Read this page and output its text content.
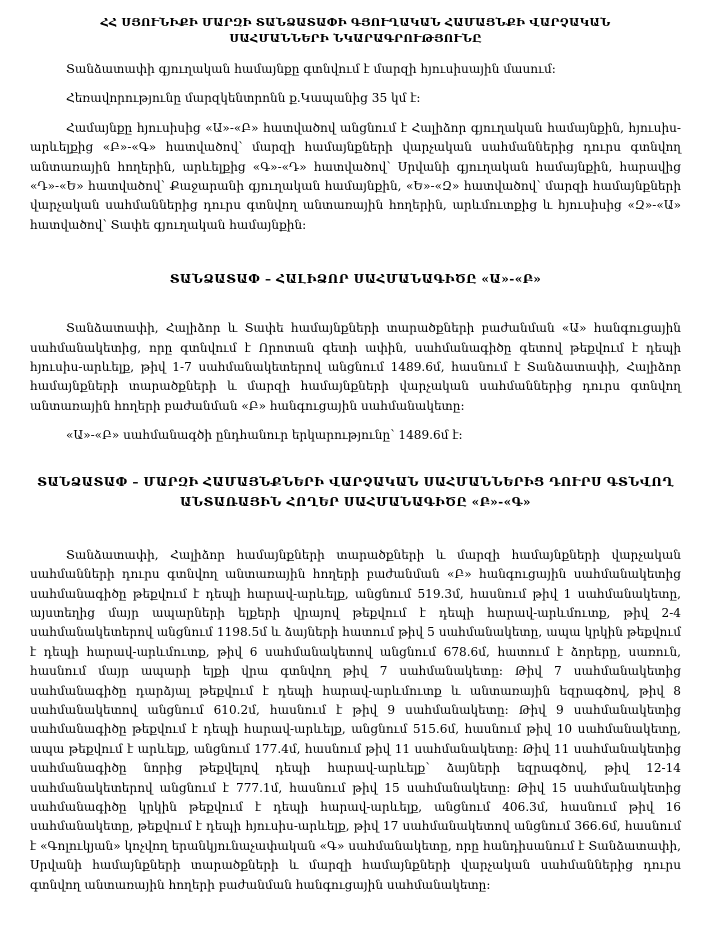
ՀՀ ՍՅՈՒՆԻՔԻ ՄԱՐԶԻ ՏԱՆՁԱՏԱՓԻ ԳՅՈՒՂԱԿԱՆ ՀԱՄԱՅՆՔԻ ՎԱՐՉԱԿԱՆ
ՍԱՀՄԱՆՆԵՐԻ ՆԿԱՐԱԳՐՈՒԹՅՈՒՆԸ

Տանձատափի գյուղական համայնքը գտնվում է մարզի հյուսիսային մասում:

Հեռավորությունը մարզկենտրոնն ք.Կապանից 35 կմ է:

Համայնքը հյուսիսից «Ա»-«Բ» հատվածով անցնում է Հալիձոր գյուղական համայնքին, հյուսիս-արևելքից «Բ»-«Գ» հատվածով՝ մարզի համայնքների վարչական սահմաններից դուրս գտնվող անտառային հողերին, արևելքից «Գ»-«Դ» հատվածով՝ Սրվանի գյուղական համայնքին, հարավից «Դ»-«Ե» հատվածով՝ Քաջարանի գյուղական համայնքին, «Ե»-«Զ» հատվածով՝ մարզի համայնքների վարչական սահմաններից դուրս գտնվող անտառային հողերին, արևմուտքից և հյուսիսից «Զ»-«Ա» հատվածով՝ Տափե գյուղական համայնքին:

ՏԱՆՁԱՏԱՓ – ՀԱԼԻՁՈՐ ՍԱՀՄԱՆԱԳԻԾԸ «Ա»-«Բ»

Տանձատափի, Հալիձոր և Տափե համայնքների տարածքների բաժանման «Ա» հանգուցային սահմանակետից, որը գտնվում է Որոտան գետի ափին, սահմանագիծը գետով թեքվում է դեպի հյուսիս-արևելք, թիվ 1-7 սահմանակետերով անցնում 1489.6մ, հասնում է Տանձատափի, Հալիձոր համայնքների տարածքների և մարզի համայնքների վարչական սահմաններից դուրս գտնվող անտառային հողերի բաժանման «Բ» հանգուցային սահմանակետը:

«Ա»-«Բ» սահմանագծի ընդհանուր երկարությունը՝ 1489.6մ է:

ՏԱՆՁԱՏԱՓ – ՄԱՐԶԻ ՀԱՄԱՅՆՔՆԵՐԻ ՎԱՐՉԱԿԱՆ ՍԱՀՄԱՆՆԵՐԻՑ ԴՈՒՐՍ ԳՏՆՎՈՂ
ԱՆՏԱՌԱՅԻՆ ՀՈՂԵՐ ՍԱՀՄԱՆԱԳԻԾԸ «Բ»-«Գ»

Տանձատափի, Հալիձոր համայնքների տարածքների և մարզի համայնքների վարչական սահմանների դուրս գտնվող անտառային հողերի բաժանման «Բ» հանգուցային սահմանակետից սահմանագիծը թեքվում է դեպի հարավ-արևելք, անցնում 519.3մ, հասնում թիվ 1 սահմանակետը, այստեղից մայր ապարների ելքերի վրայով թեքվում է դեպի հարավ-արևմուտք, թիվ 2-4 սահմանակետերով անցնում 1198.5մ և ձայների հատում թիվ 5 սահմանակետը, ապա կրկին թեքվում է դեպի հարավ-արևմուտք, թիվ 6 սահմանակետով անցնում 678.6մ, հատում է ձորերը, սառուն, հասնում մայր ապարի ելքի վրա գտնվող թիվ 7 սահմանակետը: Թիվ 7 սահմանակետից սահմանագիծը դարձյալ թեքվում է դեպի հարավ-արևմուտք և անտառային եզրագծով, թիվ 8 սահմանակետով անցնում 610.2մ, հասնում է թիվ 9 սահմանակետը: Թիվ 9 սահմանակետից սահմանագիծը թեքվում է դեպի հարավ-արևելք, անցնում 515.6մ, հասնում թիվ 10 սահմանակետը, ապա թեքվում է արևելք, անցնում 177.4մ, հասնում թիվ 11 սահմանակետը: Թիվ 11 սահմանակետից սահմանագիծը նորից թեքվելով դեպի հարավ-արևելք՝ ձայների եզրագծով, թիվ 12-14 սահմանակետերով անցնում է 777.1մ, հասնում թիվ 15 սահմանակետը: Թիվ 15 սահմանակետից սահմանագիծը կրկին թեքվում է դեպի հարավ-արևելք, անցնում 406.3մ, հասնում թիվ 16 սահմանակետը, թեքվում է դեպի հյուսիս-արևելք, թիվ 17 սահմանակետով անցնում 366.6մ, հասնում է «Գոլուկյան» կոչվող երանկյունաչափական «Գ» սահմանակետը, որը հանդիսանում է Տանձատափի, Սրվանի համայնքների տարածքների և մարզի համայնքների վարչական սահմաններից դուրս գտնվող անտառային հողերի բաժանման հանգուցային սահմանակետը:
